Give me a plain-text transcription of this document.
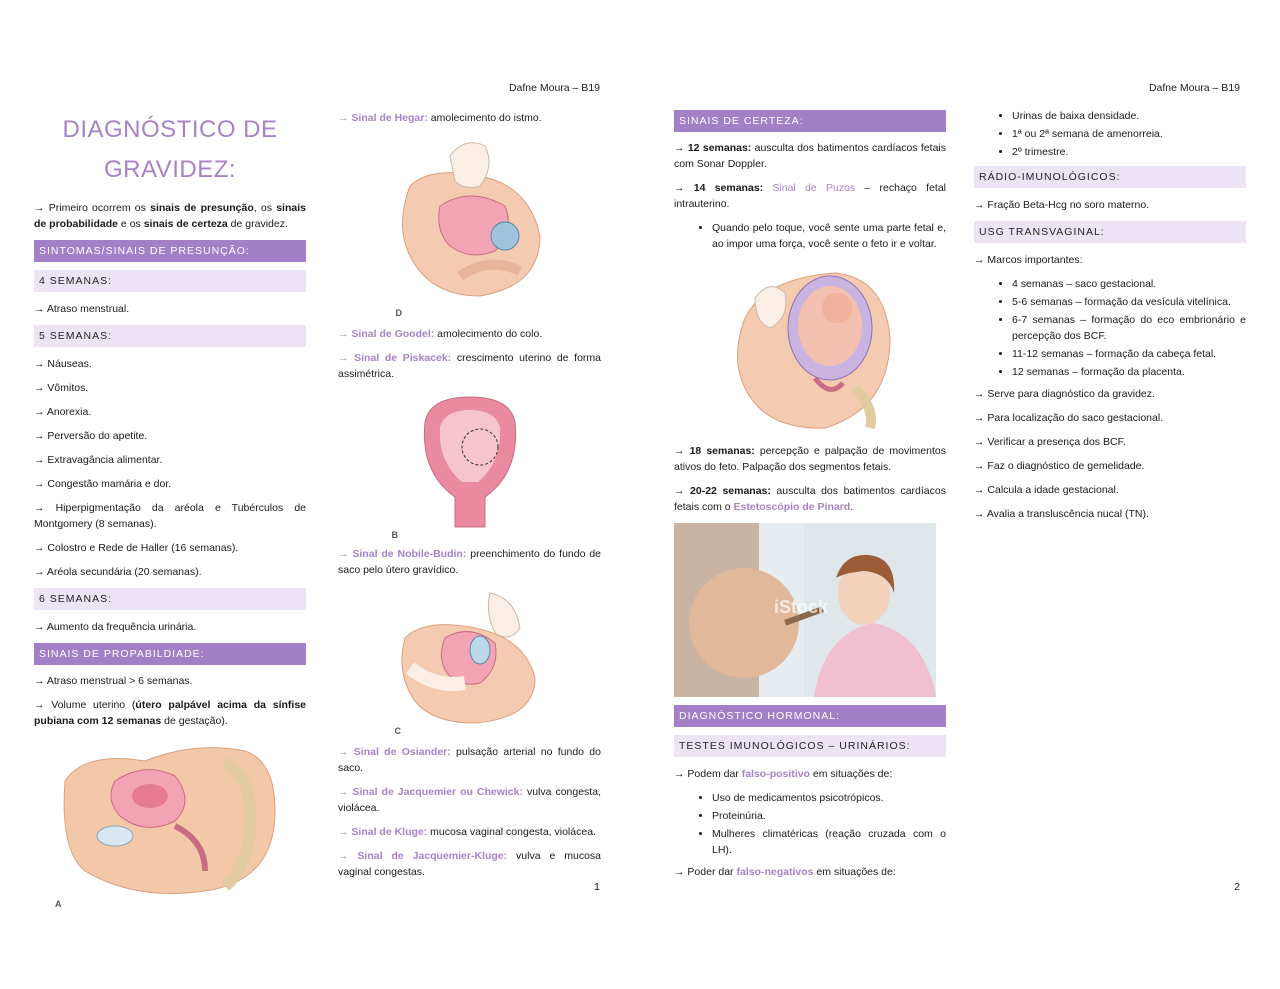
Dafne Moura – B19
DIAGNÓSTICO DE
GRAVIDEZ:

→ Primeiro ocorrem os sinais de presunção, os sinais de probabilidade e os sinais de certeza de gravidez.

SINTOMAS/SINAIS DE PRESUNÇÃO:
4 SEMANAS:

→ Atraso menstrual.

5 SEMANAS:

→ Náuseas.

→ Vômitos.

→ Anorexia.

→ Perversão do apetite.

→ Extravagância alimentar.

→ Congestão mamária e dor.

→ Hiperpigmentação da aréola e Tubérculos de Montgomery (8 semanas).

→ Colostro e Rede de Haller (16 semanas).

→ Aréola secundária (20 semanas).

6 SEMANAS:

→ Aumento da frequência urinária.

SINAIS DE PROPABILDIADE:

→ Atraso menstrual > 6 semanas.

→ Volume uterino (útero palpável acima da sínfise pubiana com 12 semanas de gestação).

A

→ Sinal de Hegar: amolecimento do istmo.

D

→ Sinal de Goodel: amolecimento do colo.

→ Sinal de Piskacek: crescimento uterino de forma assimétrica.

B

→ Sinal de Nobile-Budin: preenchimento do fundo de saco pelo útero gravídico.

C

→ Sinal de Osiander: pulsação arterial no fundo do saco.

→ Sinal de Jacquemier ou Chewick: vulva congesta, violácea.

→ Sinal de Kluge: mucosa vaginal congesta, violácea.

→ Sinal de Jacquemier-Kluge: vulva e mucosa vaginal congestas.

1
Dafne Moura – B19
SINAIS DE CERTEZA:

→ 12 semanas: ausculta dos batimentos cardíacos fetais com Sonar Doppler.

→ 14 semanas: Sinal de Puzos – rechaço fetal intrauterino.

• Quando pelo toque, você sente uma parte fetal e, ao impor uma força, você sente o feto ir e voltar.

→ 18 semanas: percepção e palpação de movimentos ativos do feto. Palpação dos segmentos fetais.

→ 20-22 semanas: ausculta dos batimentos cardíacos fetais com o Estetoscópio de Pinard.

iStock
DIAGNÓSTICO HORMONAL:
TESTES IMUNOLÓGICOS – URINÁRIOS:

→ Podem dar falso-positivo em situações de:

• Uso de medicamentos psicotrópicos.
• Proteinúria.
• Mulheres climatéricas (reação cruzada com o LH).

→ Poder dar falso-negativos em situações de:

• Urinas de baixa densidade.
• 1ª ou 2ª semana de amenorreia.
• 2º trimestre.
RÁDIO-IMUNOLÓGICOS:

→ Fração Beta-Hcg no soro materno.

USG TRANSVAGINAL:

→ Marcos importantes:

• 4 semanas – saco gestacional.
• 5-6 semanas – formação da vesícula vitelínica.
• 6-7 semanas – formação do eco embrionário e percepção dos BCF.
• 11-12 semanas – formação da cabeça fetal.
• 12 semanas – formação da placenta.

→ Serve para diagnóstico da gravidez.

→ Para localização do saco gestacional.

→ Verificar a presença dos BCF.

→ Faz o diagnóstico de gemelidade.

→ Calcula a idade gestacional.

→ Avalia a transluscência nucal (TN).

2
